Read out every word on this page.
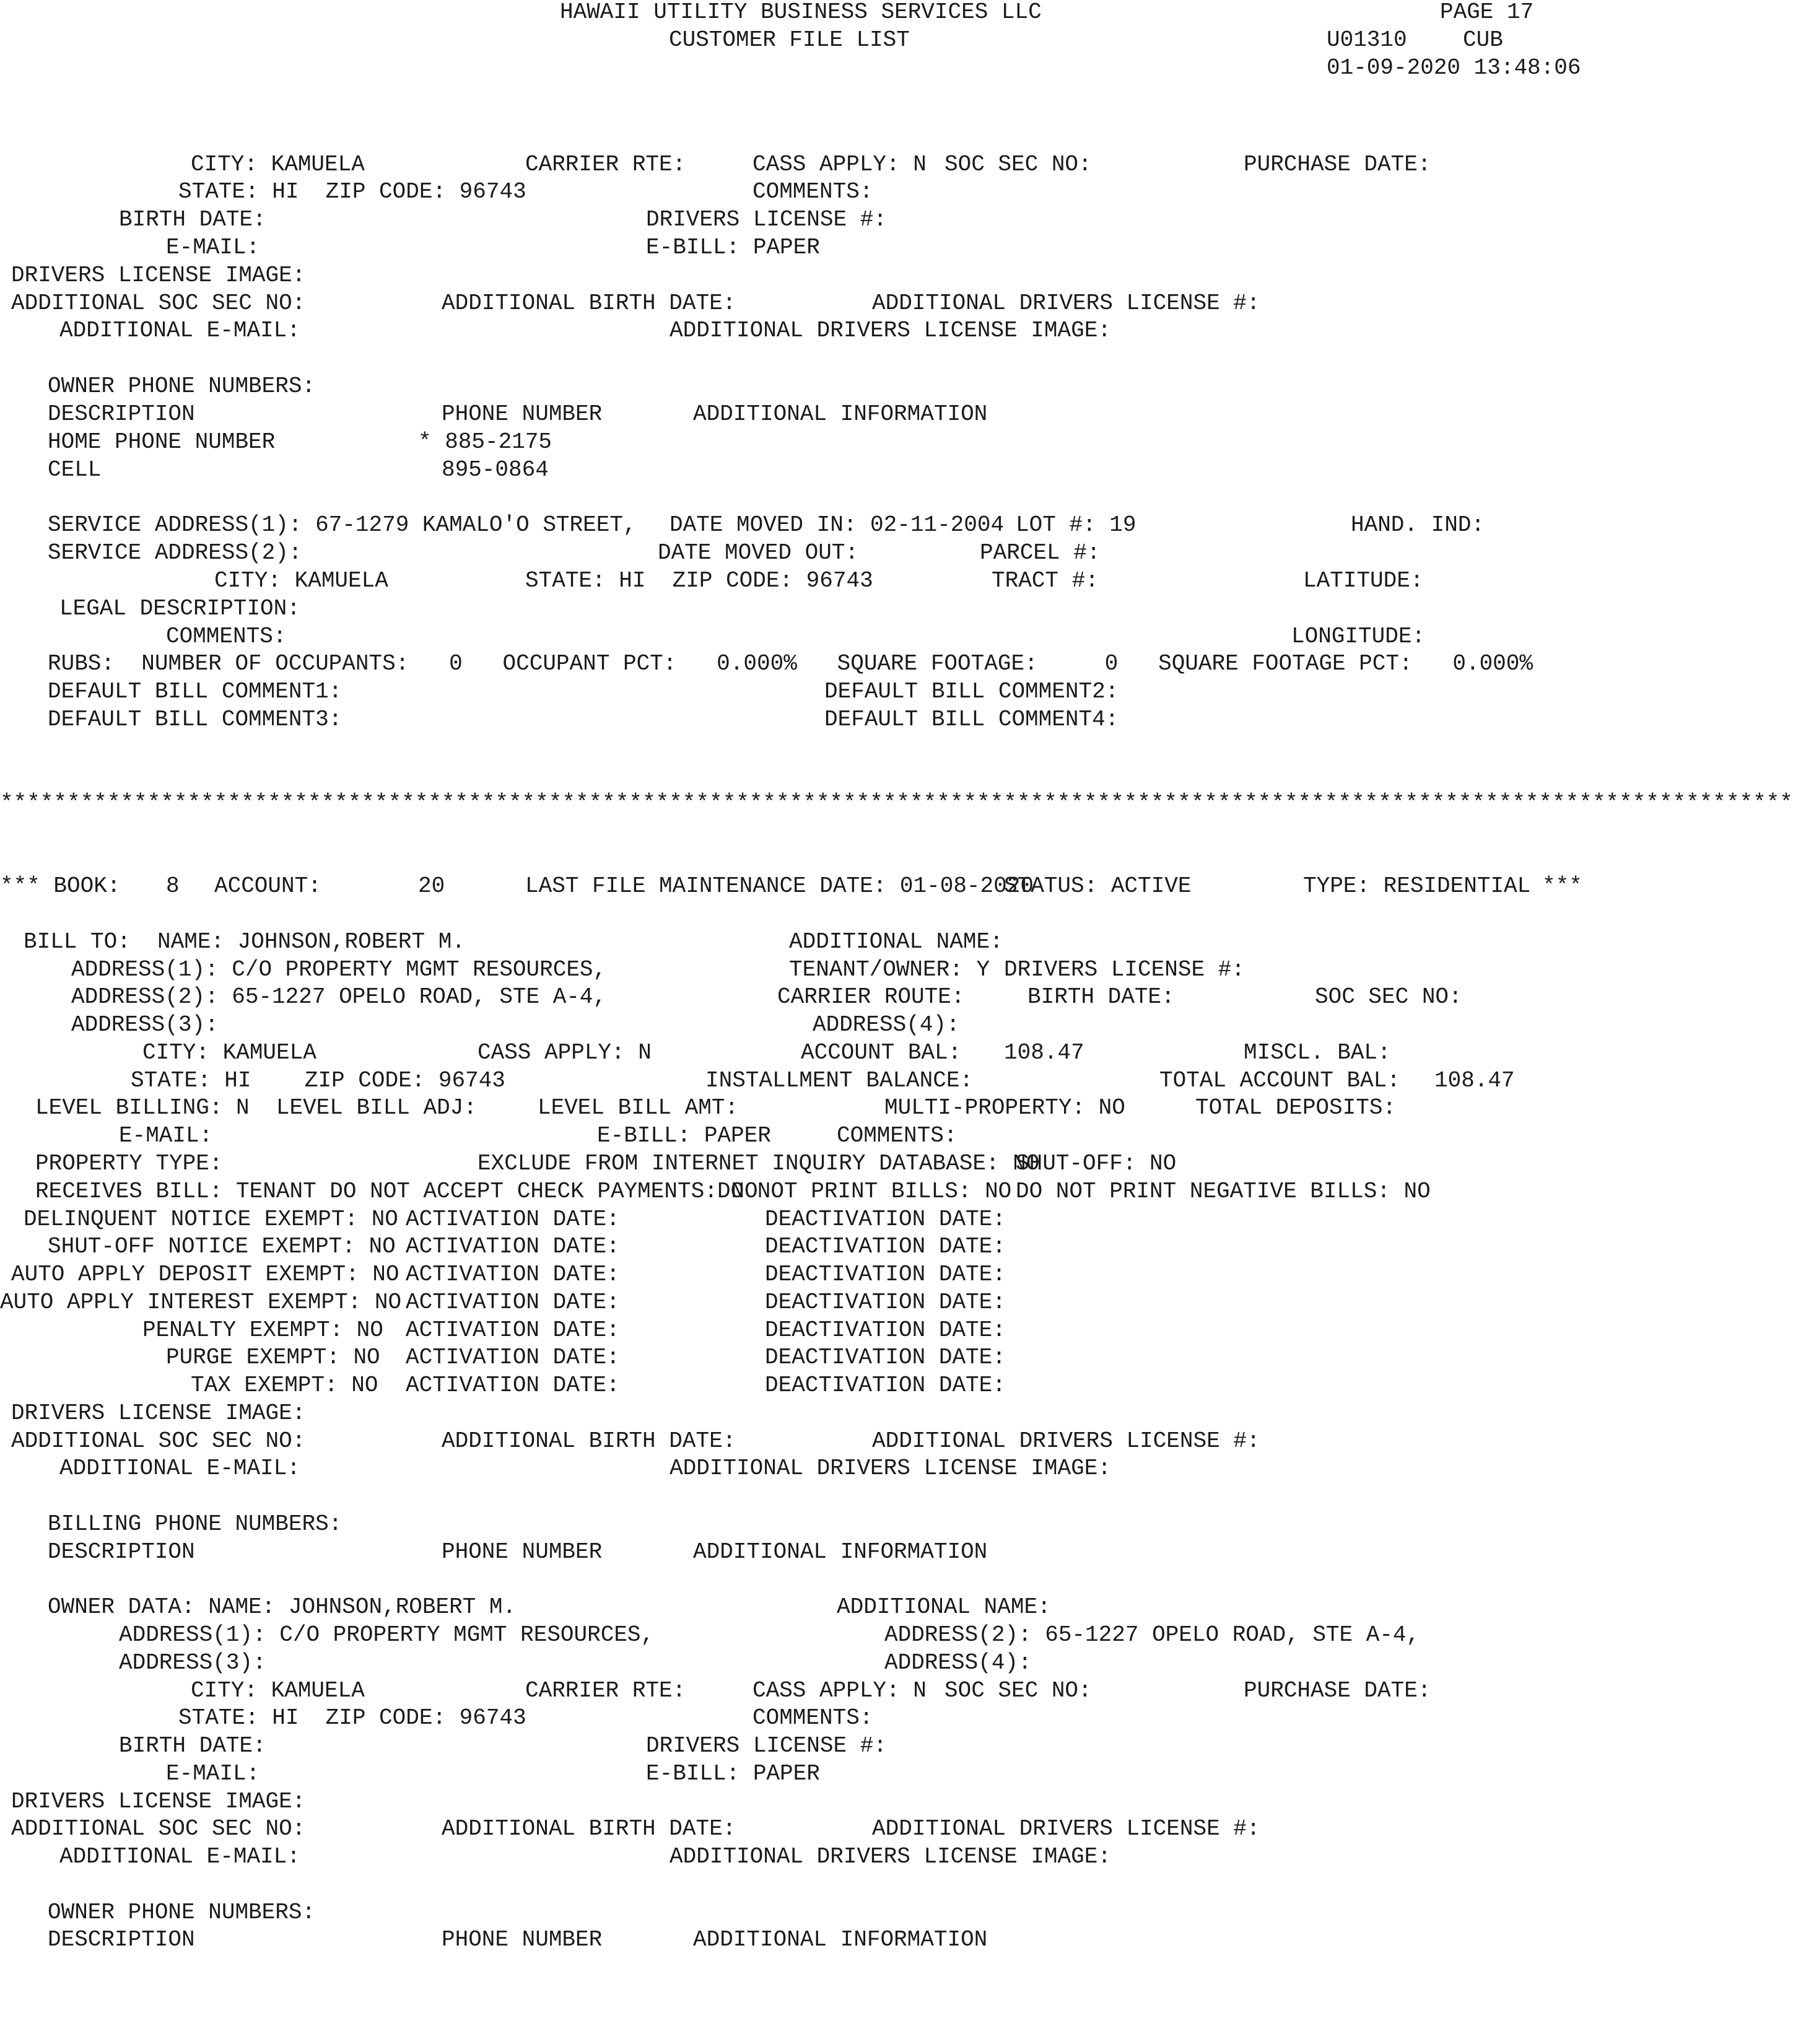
HAWAII UTILITY BUSINESS SERVICES LLC
CUSTOMER FILE LIST
PAGE 17
U01310	CUB
01-09-2020 13:48:06
CITY: KAMUELA	CARRIER RTE:	CASS APPLY: N SOC SEC NO:	PURCHASE DATE:
STATE: HI  ZIP CODE: 96743	COMMENTS:
BIRTH DATE:	DRIVERS LICENSE #:
E-MAIL:	E-BILL: PAPER
DRIVERS LICENSE IMAGE:
ADDITIONAL SOC SEC NO:	ADDITIONAL BIRTH DATE:	ADDITIONAL DRIVERS LICENSE #:
ADDITIONAL E-MAIL:	ADDITIONAL DRIVERS LICENSE IMAGE:
OWNER PHONE NUMBERS:
DESCRIPTION	PHONE NUMBER	ADDITIONAL INFORMATION
HOME PHONE NUMBER	* 885-2175
CELL	895-0864
SERVICE ADDRESS(1): 67-1279 KAMALO'O STREET, DATE MOVED IN: 02-11-2004 LOT #: 19	HAND. IND:
SERVICE ADDRESS(2):	DATE MOVED OUT:	PARCEL #:
CITY: KAMUELA	STATE: HI  ZIP CODE: 96743	TRACT #:	LATITUDE:
LEGAL DESCRIPTION:
COMMENTS:	LONGITUDE:
RUBS:  NUMBER OF OCCUPANTS:   0   OCCUPANT PCT:   0.000%   SQUARE FOOTAGE:     0   SQUARE FOOTAGE PCT:   0.000%
DEFAULT BILL COMMENT1:	DEFAULT BILL COMMENT2:
DEFAULT BILL COMMENT3:	DEFAULT BILL COMMENT4:
**************************************************************************************************************************************
*** BOOK: 8 ACCOUNT:	20	LAST FILE MAINTENANCE DATE: 01-08-2020
STATUS: ACTIVE	TYPE: RESIDENTIAL ***
BILL TO:  NAME: JOHNSON,ROBERT M.	ADDITIONAL NAME:
ADDRESS(1): C/O PROPERTY MGMT RESOURCES,	TENANT/OWNER: Y DRIVERS LICENSE #:
ADDRESS(2): 65-1227 OPELO ROAD, STE A-4,	CARRIER ROUTE:	BIRTH DATE:	SOC SEC NO:
ADDRESS(3):	ADDRESS(4):
CITY: KAMUELA	CASS APPLY: N	ACCOUNT BAL: 108.47	MISCL. BAL:
STATE: HI    ZIP CODE: 96743	INSTALLMENT BALANCE:	TOTAL ACCOUNT BAL: 108.47
LEVEL BILLING: N  LEVEL BILL ADJ:	LEVEL BILL AMT:	MULTI-PROPERTY: NO	TOTAL DEPOSITS:
E-MAIL:	E-BILL: PAPER	COMMENTS:
PROPERTY TYPE:	EXCLUDE FROM INTERNET INQUIRY DATABASE: NO
SHUT-OFF: NO
RECEIVES BILL: TENANT DO NOT ACCEPT CHECK PAYMENTS: NO
DO NOT PRINT BILLS: NO DO NOT PRINT NEGATIVE BILLS: NO
DELINQUENT NOTICE EXEMPT: NO ACTIVATION DATE:	DEACTIVATION DATE:
SHUT-OFF NOTICE EXEMPT: NO ACTIVATION DATE:	DEACTIVATION DATE:
AUTO APPLY DEPOSIT EXEMPT: NO ACTIVATION DATE:	DEACTIVATION DATE:
AUTO APPLY INTEREST EXEMPT: NO ACTIVATION DATE:	DEACTIVATION DATE:
PENALTY EXEMPT: NO ACTIVATION DATE:	DEACTIVATION DATE:
PURGE EXEMPT: NO ACTIVATION DATE:	DEACTIVATION DATE:
TAX EXEMPT: NO ACTIVATION DATE:	DEACTIVATION DATE:
DRIVERS LICENSE IMAGE:
ADDITIONAL SOC SEC NO:	ADDITIONAL BIRTH DATE:	ADDITIONAL DRIVERS LICENSE #:
ADDITIONAL E-MAIL:	ADDITIONAL DRIVERS LICENSE IMAGE:
BILLING PHONE NUMBERS:
DESCRIPTION	PHONE NUMBER	ADDITIONAL INFORMATION
OWNER DATA: NAME: JOHNSON,ROBERT M.	ADDITIONAL NAME:
ADDRESS(1): C/O PROPERTY MGMT RESOURCES,	ADDRESS(2): 65-1227 OPELO ROAD, STE A-4,
ADDRESS(3):	ADDRESS(4):
CITY: KAMUELA	CARRIER RTE:	CASS APPLY: N SOC SEC NO:	PURCHASE DATE:
STATE: HI  ZIP CODE: 96743	COMMENTS:
BIRTH DATE:	DRIVERS LICENSE #:
E-MAIL:	E-BILL: PAPER
DRIVERS LICENSE IMAGE:
ADDITIONAL SOC SEC NO:	ADDITIONAL BIRTH DATE:	ADDITIONAL DRIVERS LICENSE #:
ADDITIONAL E-MAIL:	ADDITIONAL DRIVERS LICENSE IMAGE:
OWNER PHONE NUMBERS:
DESCRIPTION	PHONE NUMBER	ADDITIONAL INFORMATION
